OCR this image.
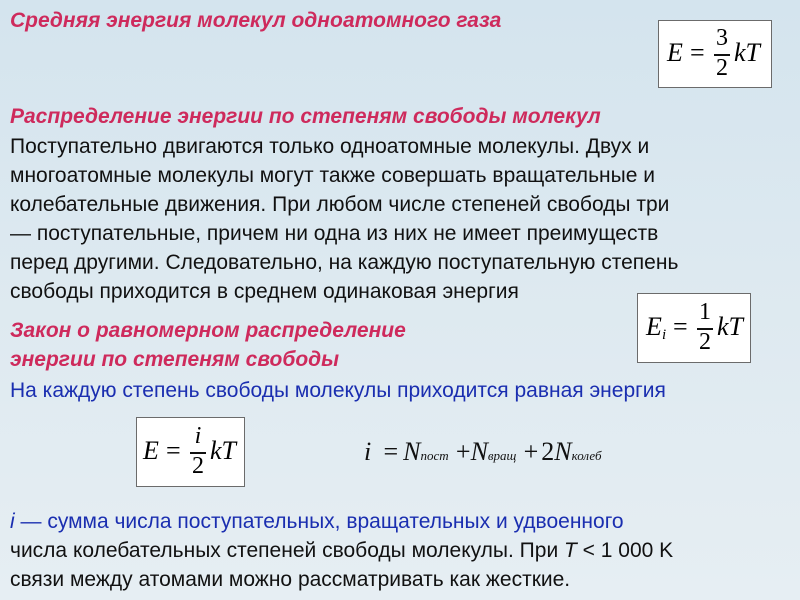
Средняя энергия молекул одноатомного газа
E = 3
2
kT
Распределение энергии по степеням свободы молекул
Поступательно двигаются только одноатомные молекулы. Двух и
многоатомные молекулы могут также совершать вращательные и
колебательные движения. При любом числе степеней свободы три
— поступательные, причем ни одна из них не имеет преимуществ
перед другими. Следовательно, на каждую поступательную степень
свободы приходится в среднем одинаковая энергия
E i = 1
2
kT
Закон о равномерном распределение
энергии по степеням свободы
На каждую степень свободы молекулы приходится равная энергия
E = i
2
kT	i = Nпост +Nвращ + 2Nколеб
i — сумма числа поступательных, вращательных и удвоенного
числа колебательных степеней свободы молекулы. При T < 1 000 K
связи между атомами можно рассматривать как жесткие.
